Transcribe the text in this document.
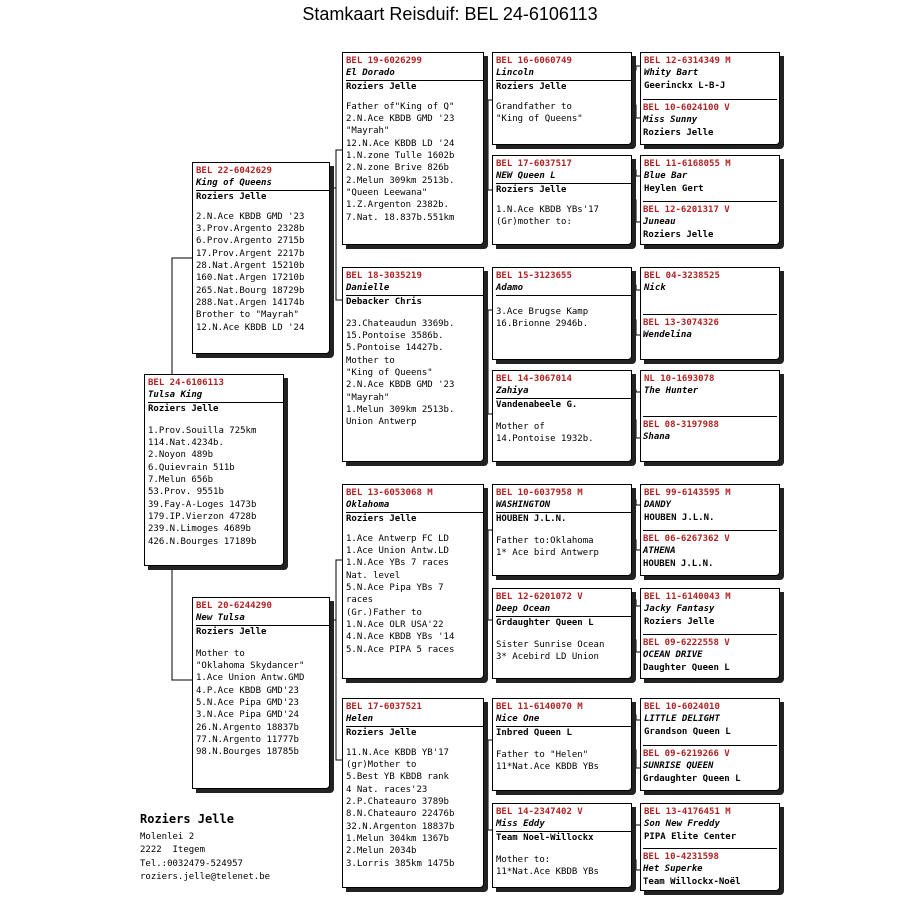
Stamkaart Reisduif: BEL 24-6106113
BEL 24-6106113
Tulsa King
Roziers Jelle
1.Prov.Souilla 725km
114.Nat.4234b.
2.Noyon 489b
6.Quievrain 511b
7.Melun 656b
53.Prov. 9551b
39.Fay-A-Loges 1473b
179.IP.Vierzon 4728b
239.N.Limoges 4689b
426.N.Bourges 17189b
BEL 22-6042629
King of Queens
Roziers Jelle
2.N.Ace KBDB GMD '23
3.Prov.Argento 2328b
6.Prov.Argento 2715b
17.Prov.Argent 2217b
28.Nat.Argent 15210b
160.Nat.Argen 17210b
265.Nat.Bourg 18729b
288.Nat.Argen 14174b
Brother to "Mayrah"
12.N.Ace KBDB LD '24
BEL 20-6244290
New Tulsa
Roziers Jelle
Mother to
"Oklahoma Skydancer"
1.Ace Union Antw.GMD
4.P.Ace KBDB GMD'23
5.N.Ace Pipa GMD'23
3.N.Ace Pipa GMD'24
26.N.Argento 18837b
77.N.Argento 11777b
98.N.Bourges 18785b
BEL 19-6026299
El Dorado
Roziers Jelle
Father of"King of Q"
2.N.Ace KBDB GMD '23
"Mayrah"
12.N.Ace KBDB LD '24
1.N.zone Tulle 1602b
2.N.zone Brive 826b
2.Melun 309km 2513b.
"Queen Leewana"
1.Z.Argenton 2382b.
7.Nat. 18.837b.551km
BEL 18-3035219
Danielle
Debacker Chris
23.Chateaudun 3369b.
15.Pontoise 3586b.
5.Pontoise 14427b.
Mother to
"King of Queens"
2.N.Ace KBDB GMD '23
"Mayrah"
1.Melun 309km 2513b.
Union Antwerp
BEL 13-6053068 M
Oklahoma
Roziers Jelle
1.Ace Antwerp FC LD
1.Ace Union Antw.LD
1.N.Ace YBs 7 races
Nat. level
5.N.Ace Pipa YBs 7
races
(Gr.)Father to
1.N.Ace OLR USA'22
4.N.Ace KBDB YBs '14
5.N.Ace PIPA 5 races
BEL 17-6037521
Helen
Roziers Jelle
11.N.Ace KBDB YB'17
(gr)Mother to
5.Best YB KBDB rank
4 Nat. races'23
2.P.Chateauro 3789b
8.N.Chateauro 22476b
32.N.Argenton 18837b
1.Melun 304km 1367b
2.Melun 2034b
3.Lorris 385km 1475b
BEL 16-6060749
Lincoln
Roziers Jelle
Grandfather to
"King of Queens"
BEL 17-6037517
NEW Queen L
Roziers Jelle
1.N.Ace KBDB YBs'17
(Gr)mother to:
BEL 15-3123655
Adamo
3.Ace Brugse Kamp
16.Brionne 2946b.
BEL 14-3067014
Zahiya
Vandenabeele G.
Mother of
14.Pontoise 1932b.
BEL 10-6037958 M
WASHINGTON
HOUBEN J.L.N.
Father to:Oklahoma
1* Ace bird Antwerp
BEL 12-6201072 V
Deep Ocean
Grdaughter Queen L
Sister Sunrise Ocean
3* Acebird LD Union
BEL 11-6140070 M
Nice One
Inbred Queen L
Father to "Helen"
11*Nat.Ace KBDB YBs
BEL 14-2347402 V
Miss Eddy
Team Noel-Willockx
Mother to:
11*Nat.Ace KBDB YBs
BEL 12-6314349 M
Whity Bart
Geerinckx L-B-J
BEL 10-6024100 V
Miss Sunny
Roziers Jelle
BEL 11-6168055 M
Blue Bar
Heylen Gert
BEL 12-6201317 V
Juneau
Roziers Jelle
BEL 04-3238525
Nick
BEL 13-3074326
Wendelina
NL 10-1693078
The Hunter
BEL 08-3197988
Shana
BEL 99-6143595 M
DANDY
HOUBEN J.L.N.
BEL 06-6267362 V
ATHENA
HOUBEN J.L.N.
BEL 11-6140043 M
Jacky Fantasy
Roziers Jelle
BEL 09-6222558 V
OCEAN DRIVE
Daughter Queen L
BEL 10-6024010
LITTLE DELIGHT
Grandson Queen L
BEL 09-6219266 V
SUNRISE QUEEN
Grdaughter Queen L
BEL 13-4176451 M
Son New Freddy
PIPA Elite Center
BEL 10-4231598
Het Superke
Team Willockx-Noël
Roziers Jelle
Molenlei 2
2222  Itegem
Tel.:0032479-524957
roziers.jelle@telenet.be
